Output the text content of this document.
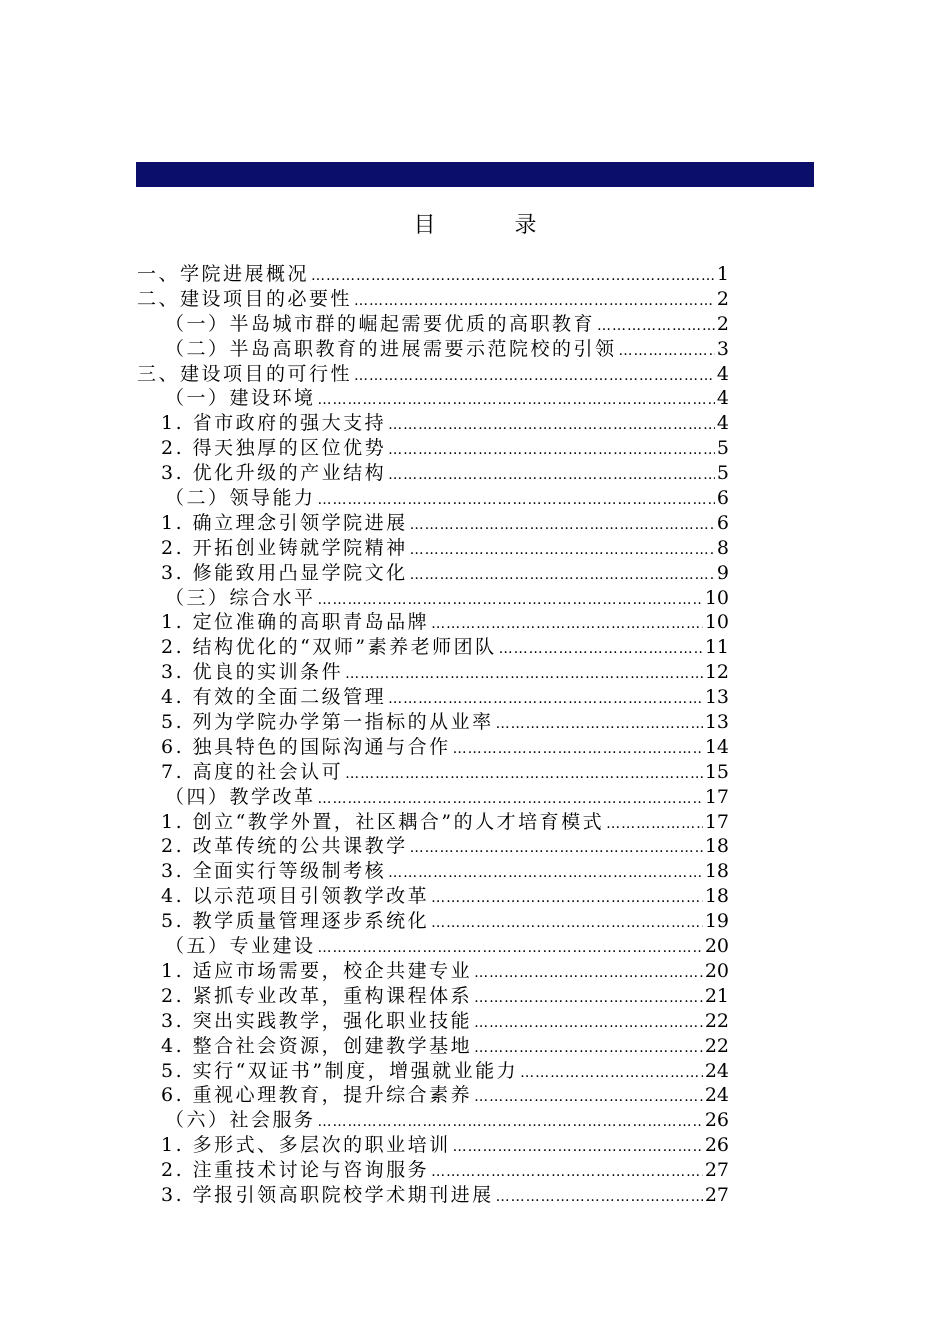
目 录
一、学院进展概况 …………………………………………………………………………………………………………………………	1
二、建设项目的必要性 …………………………………………………………………………………………………………………………	2
（一）半岛城市群的崛起需要优质的高职教育 …………………………………………………………………………………………………………………………	2
（二）半岛高职教育的进展需要示范院校的引领 …………………………………………………………………………………………………………………………	3
三、建设项目的可行性 …………………………………………………………………………………………………………………………	4
（一）建设环境 …………………………………………………………………………………………………………………………	4
1. 省市政府的强大支持 …………………………………………………………………………………………………………………………	4
2. 得天独厚的区位优势 …………………………………………………………………………………………………………………………	5
3. 优化升级的产业结构 …………………………………………………………………………………………………………………………	5
（二）领导能力 …………………………………………………………………………………………………………………………	6
1. 确立理念引领学院进展 …………………………………………………………………………………………………………………………	6
2. 开拓创业铸就学院精神 …………………………………………………………………………………………………………………………	8
3. 修能致用凸显学院文化 …………………………………………………………………………………………………………………………	9
（三）综合水平 …………………………………………………………………………………………………………………………	10
1. 定位准确的高职青岛品牌 …………………………………………………………………………………………………………………………	10
2. 结构优化的“双师”素养老师团队 …………………………………………………………………………………………………………………………	11
3. 优良的实训条件 …………………………………………………………………………………………………………………………	12
4. 有效的全面二级管理 …………………………………………………………………………………………………………………………	13
5. 列为学院办学第一指标的从业率 …………………………………………………………………………………………………………………………	13
6. 独具特色的国际沟通与合作 …………………………………………………………………………………………………………………………	14
7. 高度的社会认可 …………………………………………………………………………………………………………………………	15
（四）教学改革 …………………………………………………………………………………………………………………………	17
1. 创立“教学外置，社区耦合”的人才培育模式 …………………………………………………………………………………………………………………………	17
2. 改革传统的公共课教学 …………………………………………………………………………………………………………………………	18
3. 全面实行等级制考核 …………………………………………………………………………………………………………………………	18
4. 以示范项目引领教学改革 …………………………………………………………………………………………………………………………	18
5. 教学质量管理逐步系统化 …………………………………………………………………………………………………………………………	19
（五）专业建设 …………………………………………………………………………………………………………………………	20
1. 适应市场需要，校企共建专业 …………………………………………………………………………………………………………………………	20
2. 紧抓专业改革，重构课程体系 …………………………………………………………………………………………………………………………	21
3. 突出实践教学，强化职业技能 …………………………………………………………………………………………………………………………	22
4. 整合社会资源，创建教学基地 …………………………………………………………………………………………………………………………	22
5. 实行“双证书”制度，增强就业能力 …………………………………………………………………………………………………………………………	24
6. 重视心理教育，提升综合素养 …………………………………………………………………………………………………………………………	24
（六）社会服务 …………………………………………………………………………………………………………………………	26
1. 多形式、多层次的职业培训 …………………………………………………………………………………………………………………………	26
2. 注重技术讨论与咨询服务 …………………………………………………………………………………………………………………………	27
3. 学报引领高职院校学术期刊进展 …………………………………………………………………………………………………………………………	27
